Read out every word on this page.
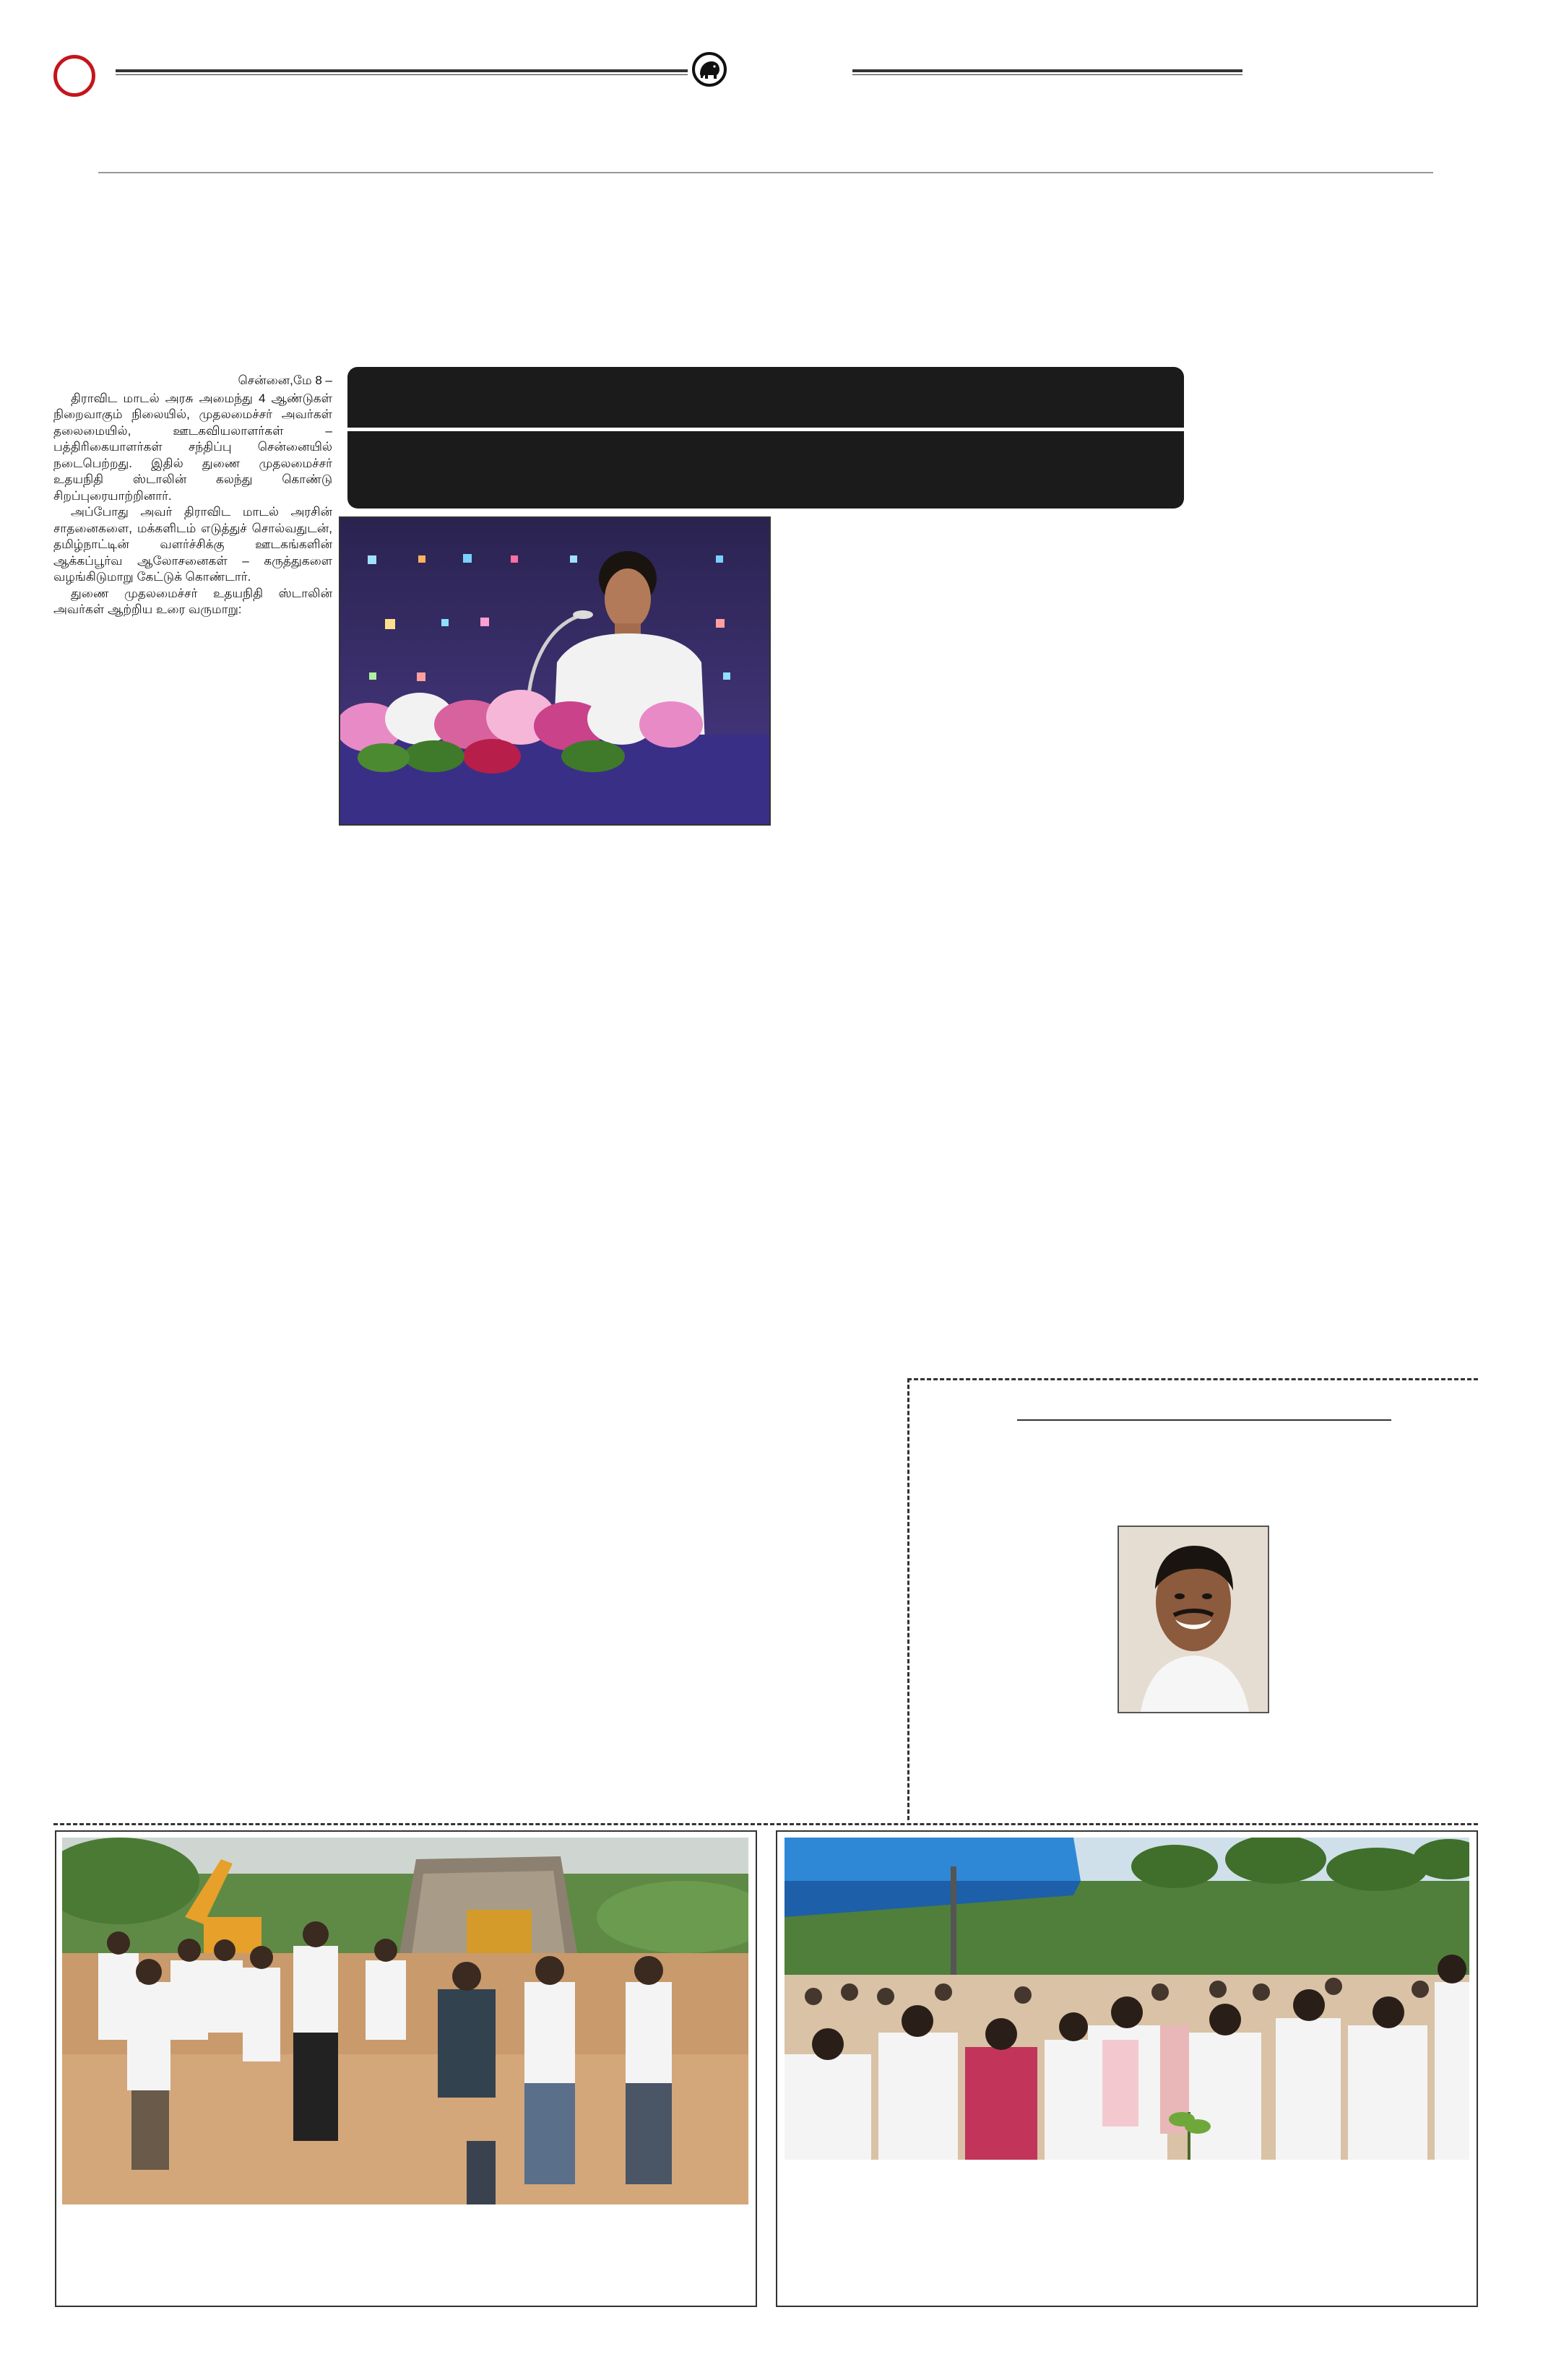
சென்னை,மே 8 –

திராவிட மாடல் அரசு அமைந்து 4 ஆண்டுகள் நிறைவாகும் நிலையில், முதலமைச்சர் அவர்கள் தலைமையில், ஊடகவியலாளர்கள் – பத்திரிகையாளர்கள் சந்திப்பு சென்னையில் நடைபெற்றது. இதில் துணை முதலமைச்சர் உதயநிதி ஸ்டாலின் கலந்து கொண்டு சிறப்புரையாற்றினார்.

அப்போது அவர் திராவிட மாடல் அரசின் சாதனைகளை, மக்களிடம் எடுத்துச் சொல்வதுடன், தமிழ்நாட்டின் வளர்ச்சிக்கு ஊடகங்களின் ஆக்கப்பூர்வ ஆலோசனைகள் – கருத்துகளை வழங்கிடுமாறு கேட்டுக் கொண்டார்.

துணை முதலமைச்சர் உதயநிதி ஸ்டாலின் அவர்கள் ஆற்றிய உரை வருமாறு:
